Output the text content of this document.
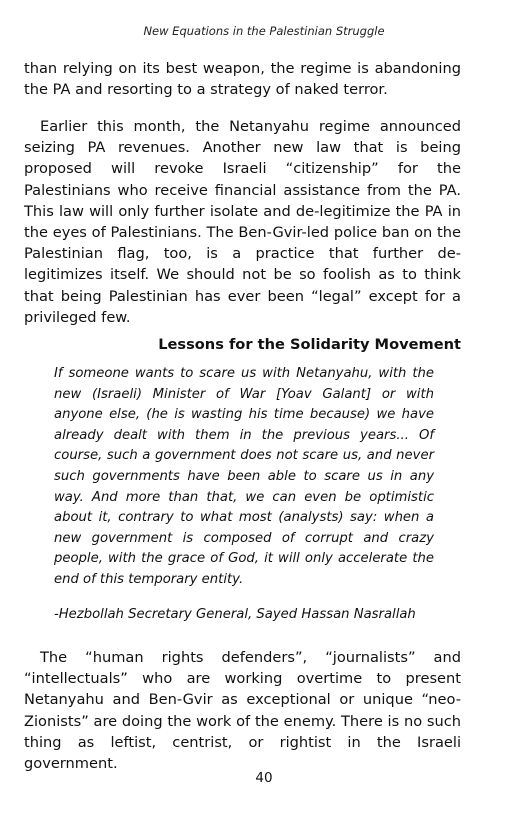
New Equations in the Palestinian Struggle

than relying on its best weapon, the regime is abandoning the PA and resorting to a strategy of naked terror.

Earlier this month, the Netanyahu regime announced seizing PA revenues. Another new law that is being proposed will revoke Israeli “citizenship” for the Palestinians who receive financial assistance from the PA. This law will only further isolate and de-legitimize the PA in the eyes of Palestinians. The Ben-Gvir-led police ban on the Palestinian flag, too, is a practice that further de-legitimizes itself. We should not be so foolish as to think that being Palestinian has ever been “legal” except for a privileged few.

Lessons for the Solidarity Movement

If someone wants to scare us with Netanyahu, with the new (Israeli) Minister of War [Yoav Galant] or with anyone else, (he is wasting his time because) we have already dealt with them in the previous years... Of course, such a government does not scare us, and never such governments have been able to scare us in any way. And more than that, we can even be optimistic about it, contrary to what most (analysts) say: when a new government is composed of corrupt and crazy people, with the grace of God, it will only accelerate the end of this temporary entity.

-Hezbollah Secretary General, Sayed Hassan Nasrallah

The “human rights defenders”, “journalists” and “intellectuals” who are working overtime to present Netanyahu and Ben-Gvir as exceptional or unique “neo-Zionists” are doing the work of the enemy. There is no such thing as leftist, centrist, or rightist in the Israeli government.

40
